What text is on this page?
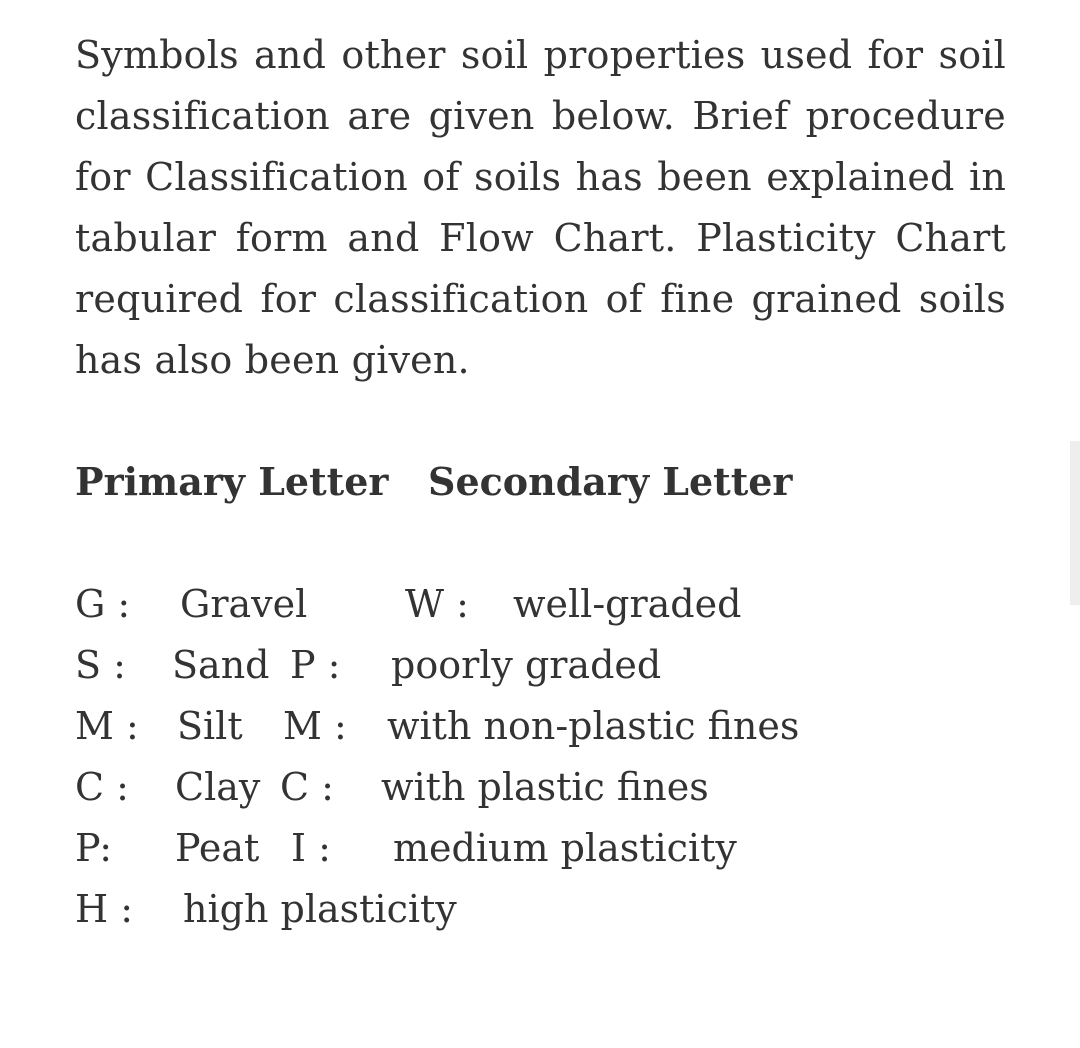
Symbols and other soil properties used for soil classification are given below. Brief procedure for Classification of soils has been explained in tabular form and Flow Chart. Plasticity Chart required for classification of fine grained soils has also been given.

Primary Letter Secondary Letter
G : Gravel	W : well-graded
S : Sand P : poorly graded
M : Silt M : with non-plastic fines
C : Clay C : with plastic fines
P: Peat I : medium plasticity
H : high plasticity
